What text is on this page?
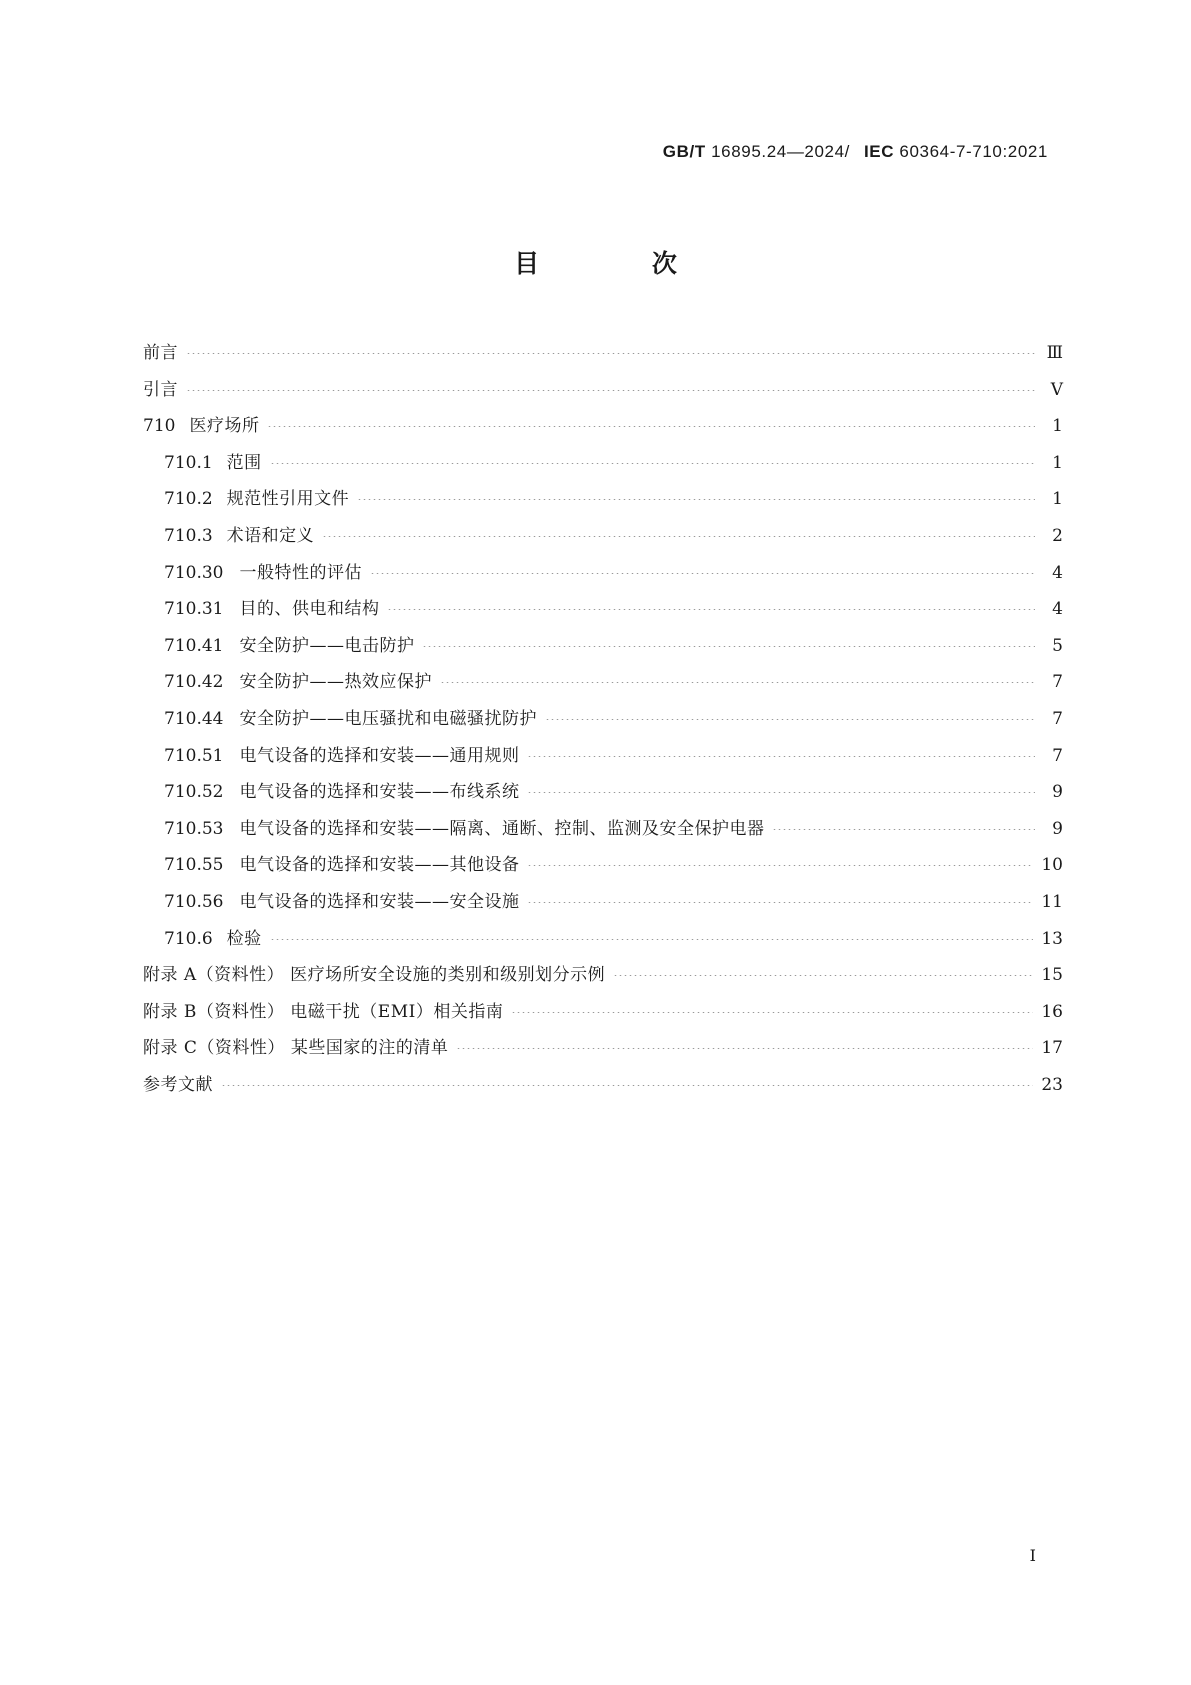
GB/T 16895.24—2024/ IEC 60364-7-710:2021
目 次
前言	Ⅲ
引言	Ⅴ
710 医疗场所	1
710.1 范围	1
710.2 规范性引用文件	1
710.3 术语和定义	2
710.30 一般特性的评估	4
710.31 目的、供电和结构	4
710.41 安全防护——电击防护	5
710.42 安全防护——热效应保护	7
710.44 安全防护——电压骚扰和电磁骚扰防护	7
710.51 电气设备的选择和安装——通用规则	7
710.52 电气设备的选择和安装——布线系统	9
710.53 电气设备的选择和安装——隔离、通断、控制、监测及安全保护电器	9
710.55 电气设备的选择和安装——其他设备	10
710.56 电气设备的选择和安装——安全设施	11
710.6 检验	13
附录 A（资料性） 医疗场所安全设施的类别和级别划分示例	15
附录 B（资料性） 电磁干扰（EMI）相关指南	16
附录 C（资料性） 某些国家的注的清单	17
参考文献	23
I
